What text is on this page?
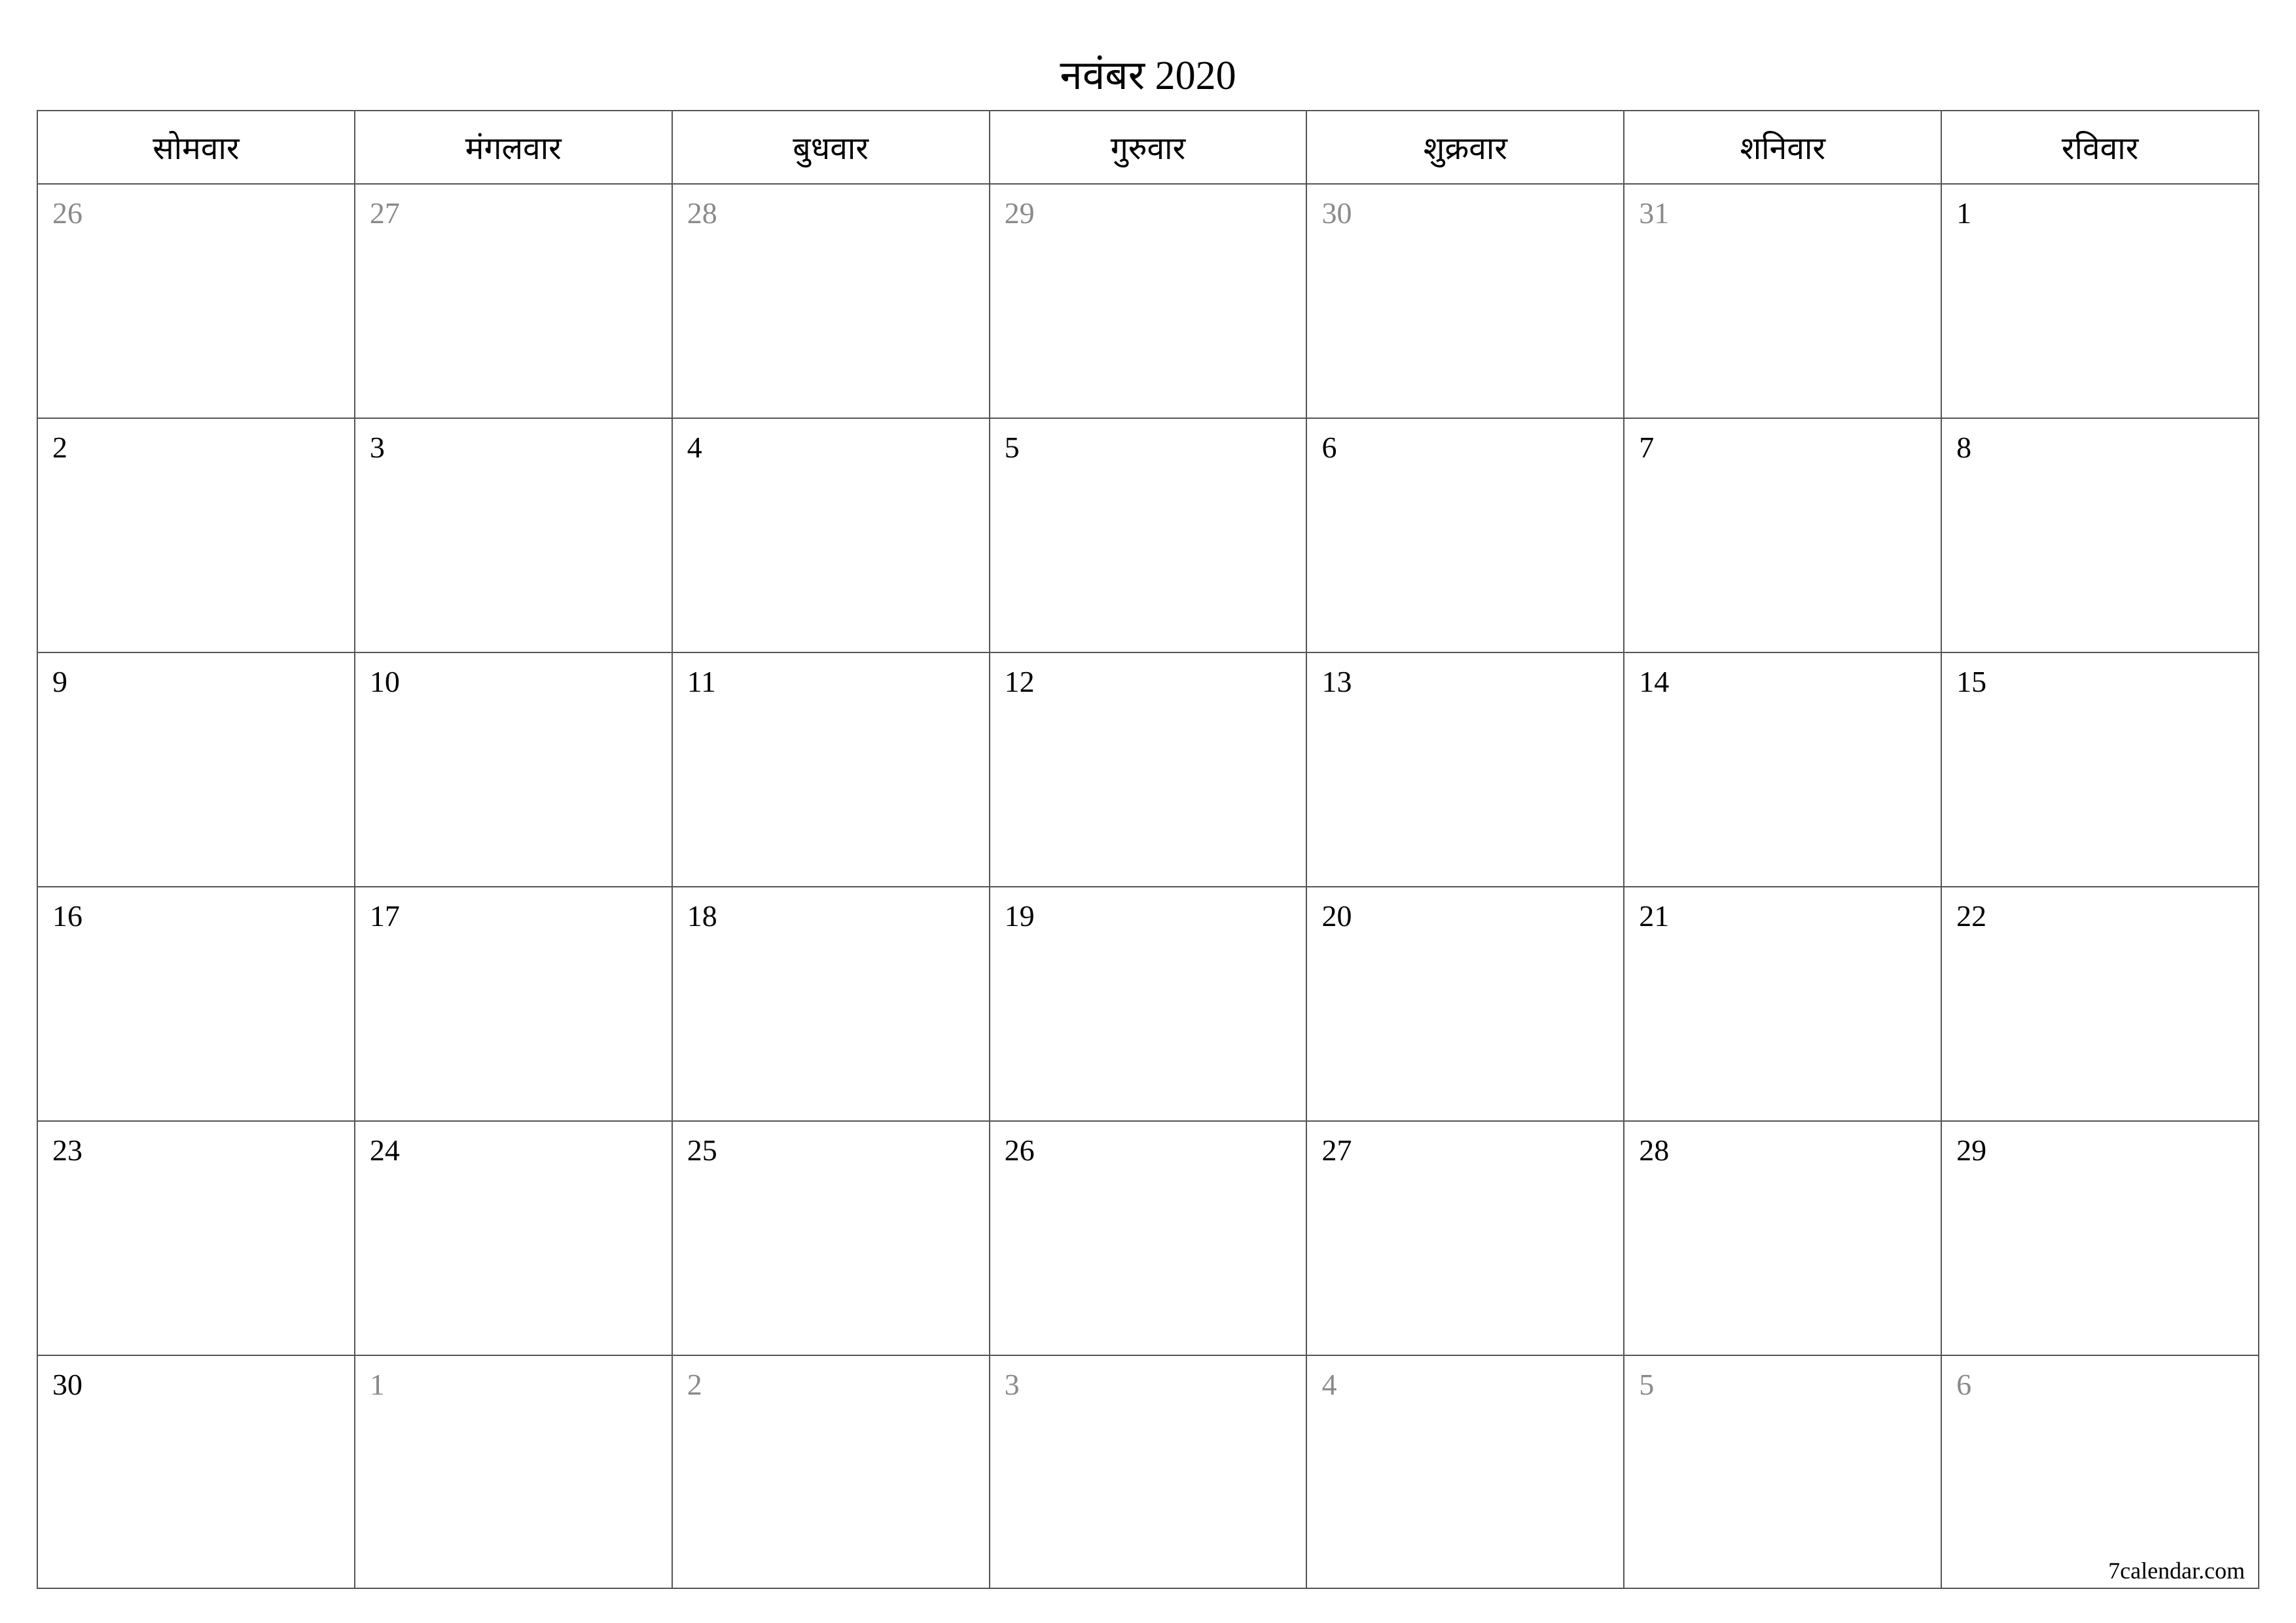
नवंबर 2020
सोमवार	मंगलवार	बुधवार	गुरुवार	शुक्रवार	शनिवार	रविवार
26	27	28	29	30	31	1
2	3	4	5	6	7	8
9	10	11	12	13	14	15
16	17	18	19	20	21	22
23	24	25	26	27	28	29
30	1	2	3	4	5	6
7calendar.com
